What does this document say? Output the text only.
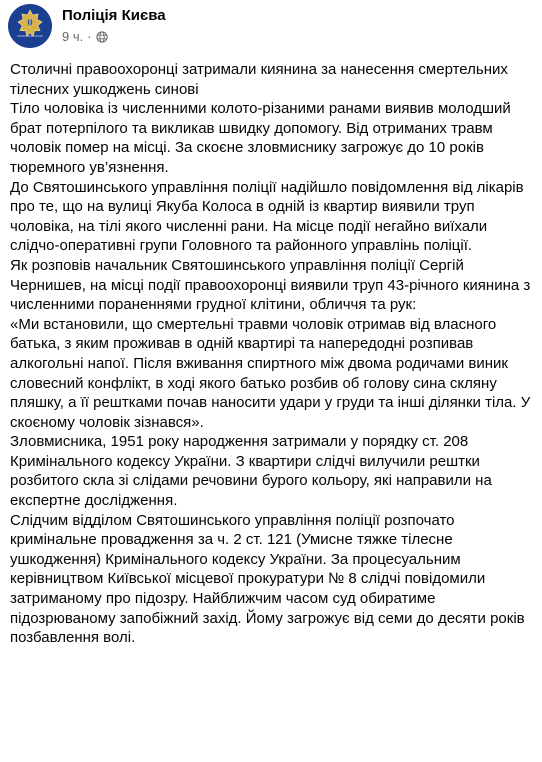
Поліція Києва
9 ч. ·
Столичні правоохоронці затримали киянина за нанесення смертельних тілесних ушкоджень синові
Тіло чоловіка із численними колото-різаними ранами виявив молодший брат потерпілого та викликав швидку допомогу. Від отриманих травм чоловік помер на місці. За скоєне зловмиснику загрожує до 10 років тюремного ув’язнення.
До Святошинського управління поліції надійшло повідомлення від лікарів про те, що на вулиці Якуба Колоса в одній із квартир виявили труп чоловіка, на тілі якого численні рани. На місце події негайно виїхали слідчо-оперативні групи Головного та районного управлінь поліції.
Як розповів начальник Святошинського управління поліції Сергій Чернишев, на місці події правоохоронці виявили труп 43-річного киянина з численними пораненнями грудної клітини, обличчя та рук:
«Ми встановили, що смертельні травми чоловік отримав від власного батька, з яким проживав в одній квартирі та напередодні розпивав алкогольні напої. Після вживання спиртного між двома родичами виник словесний конфлікт, в ході якого батько розбив об голову сина скляну пляшку, а її рештками почав наносити удари у груди та інші ділянки тіла. У скоєному чоловік зізнався».
Зловмисника, 1951 року народження затримали у порядку ст. 208 Кримінального кодексу України. З квартири слідчі вилучили рештки розбитого скла зі слідами речовини бурого кольору, які направили на експертне дослідження.
Слідчим відділом Святошинського управління поліції розпочато кримінальне провадження за ч. 2 ст. 121 (Умисне тяжке тілесне ушкодження) Кримінального кодексу України. За процесуальним керівництвом Київської місцевої прокуратури № 8 слідчі повідомили затриманому про підозру. Найближчим часом суд обиратиме підозрюваному запобіжний захід. Йому загрожує від семи до десяти років позбавлення волі.
